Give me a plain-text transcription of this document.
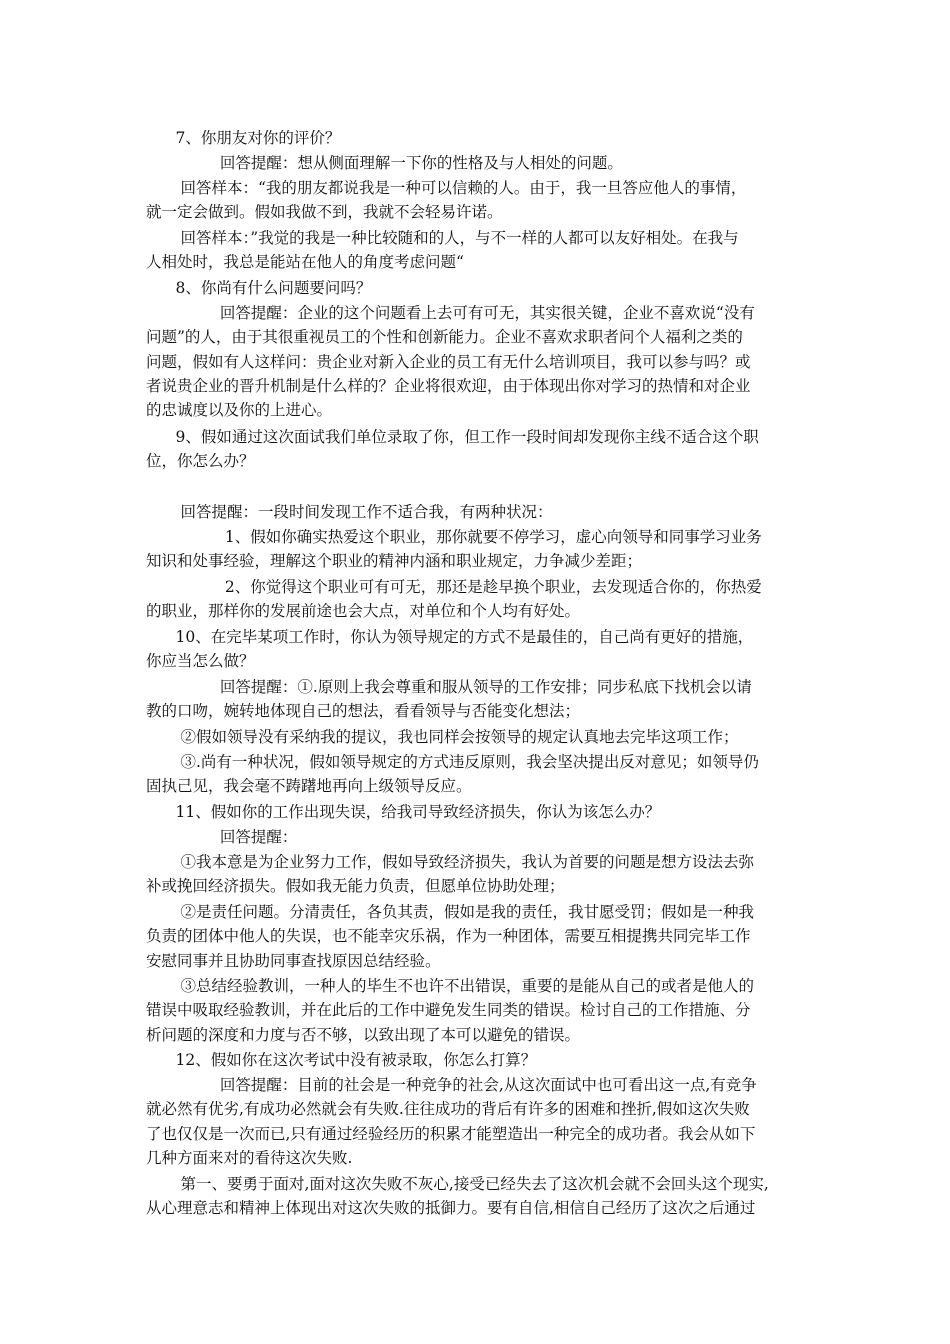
7、你朋友对你的评价？

回答提醒：想从侧面理解一下你的性格及与人相处的问题。

回答样本：“我的朋友都说我是一种可以信赖的人。由于，我一旦答应他人的事情，
就一定会做到。假如我做不到，我就不会轻易许诺。

回答样本：”我觉的我是一种比较随和的人，与不一样的人都可以友好相处。在我与
人相处时，我总是能站在他人的角度考虑问题“

8、你尚有什么问题要问吗？

回答提醒：企业的这个问题看上去可有可无，其实很关键，企业不喜欢说“没有
问题”的人，由于其很重视员工的个性和创新能力。企业不喜欢求职者问个人福利之类的
问题，假如有人这样问：贵企业对新入企业的员工有无什么培训项目，我可以参与吗？或
者说贵企业的晋升机制是什么样的？企业将很欢迎，由于体现出你对学习的热情和对企业
的忠诚度以及你的上进心。

9、假如通过这次面试我们单位录取了你，但工作一段时间却发现你主线不适合这个职
位，你怎么办？

回答提醒：一段时间发现工作不适合我，有两种状况：

1、假如你确实热爱这个职业，那你就要不停学习，虚心向领导和同事学习业务
知识和处事经验，理解这个职业的精神内涵和职业规定，力争减少差距；

2、你觉得这个职业可有可无，那还是趁早换个职业，去发现适合你的，你热爱
的职业，那样你的发展前途也会大点，对单位和个人均有好处。

10、在完毕某项工作时，你认为领导规定的方式不是最佳的，自己尚有更好的措施，
你应当怎么做？

回答提醒：①.原则上我会尊重和服从领导的工作安排；同步私底下找机会以请
教的口吻，婉转地体现自己的想法，看看领导与否能变化想法；

②假如领导没有采纳我的提议，我也同样会按领导的规定认真地去完毕这项工作；

③.尚有一种状况，假如领导规定的方式违反原则，我会坚决提出反对意见；如领导仍
固执己见，我会毫不踌躇地再向上级领导反应。

11、假如你的工作出现失误，给我司导致经济损失，你认为该怎么办？

回答提醒：

①我本意是为企业努力工作，假如导致经济损失，我认为首要的问题是想方设法去弥
补或挽回经济损失。假如我无能力负责，但愿单位协助处理；

②是责任问题。分清责任，各负其责，假如是我的责任，我甘愿受罚；假如是一种我
负责的团体中他人的失误，也不能幸灾乐祸，作为一种团体，需要互相提携共同完毕工作
安慰同事并且协助同事查找原因总结经验。

③总结经验教训，一种人的毕生不也许不出错误，重要的是能从自己的或者是他人的
错误中吸取经验教训，并在此后的工作中避免发生同类的错误。检讨自己的工作措施、分
析问题的深度和力度与否不够，以致出现了本可以避免的错误。

12、假如你在这次考试中没有被录取，你怎么打算？

回答提醒：目前的社会是一种竞争的社会,从这次面试中也可看出这一点,有竞争
就必然有优劣,有成功必然就会有失败.往往成功的背后有许多的困难和挫折,假如这次失败
了也仅仅是一次而已,只有通过经验经历的积累才能塑造出一种完全的成功者。我会从如下
几种方面来对的看待这次失败.

第一、要勇于面对,面对这次失败不灰心,接受已经失去了这次机会就不会回头这个现实,
从心理意志和精神上体现出对这次失败的抵御力。要有自信,相信自己经历了这次之后通过
